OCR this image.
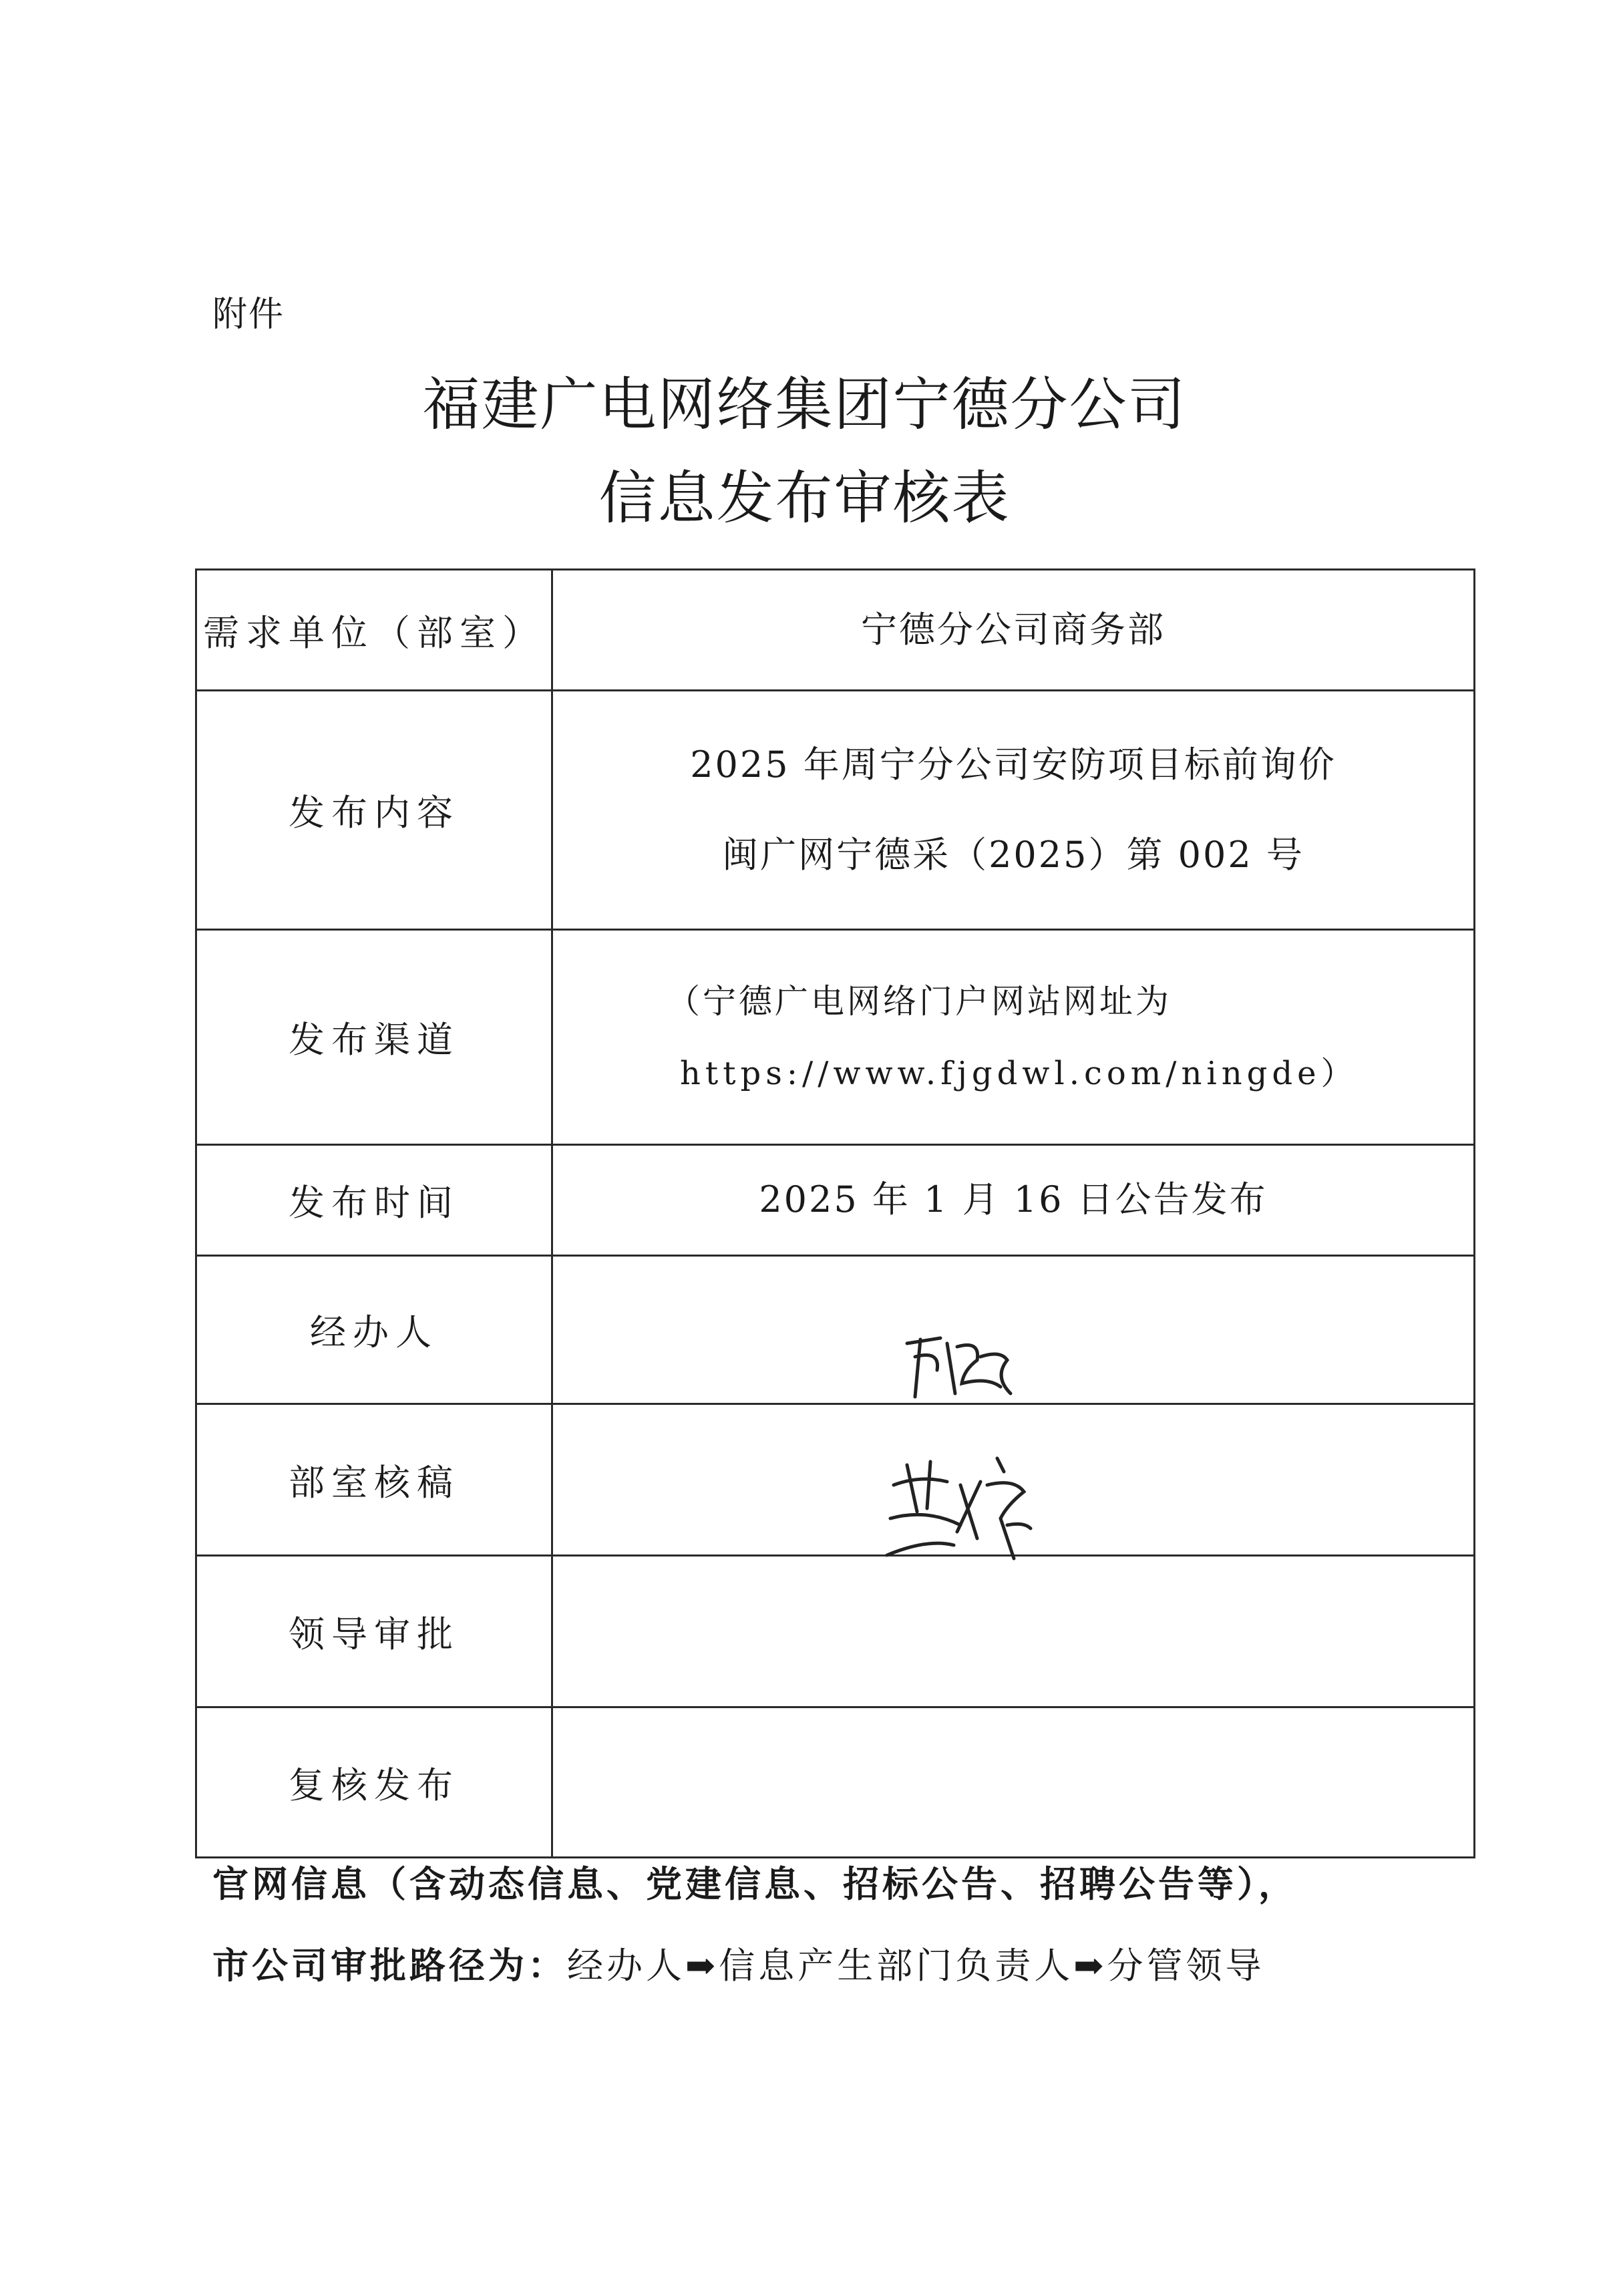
附件
福建广电网络集团宁德分公司
信息发布审核表
需求单位（部室）	宁德分公司商务部

发布内容	2025 年周宁分公司安防项目标前询价
闽广网宁德采（2025）第 002 号

发布渠道	（宁德广电网络门户网站网址为
https://www.fjgdwl.com/ningde）

发布时间	2025 年 1 月 16 日公告发布

经办人	

部室核稿	

领导审批	
复核发布	
官网信息（含动态信息、党建信息、招标公告、招聘公告等），
市公司审批路径为：经办人➡信息产生部门负责人➡分管领导
